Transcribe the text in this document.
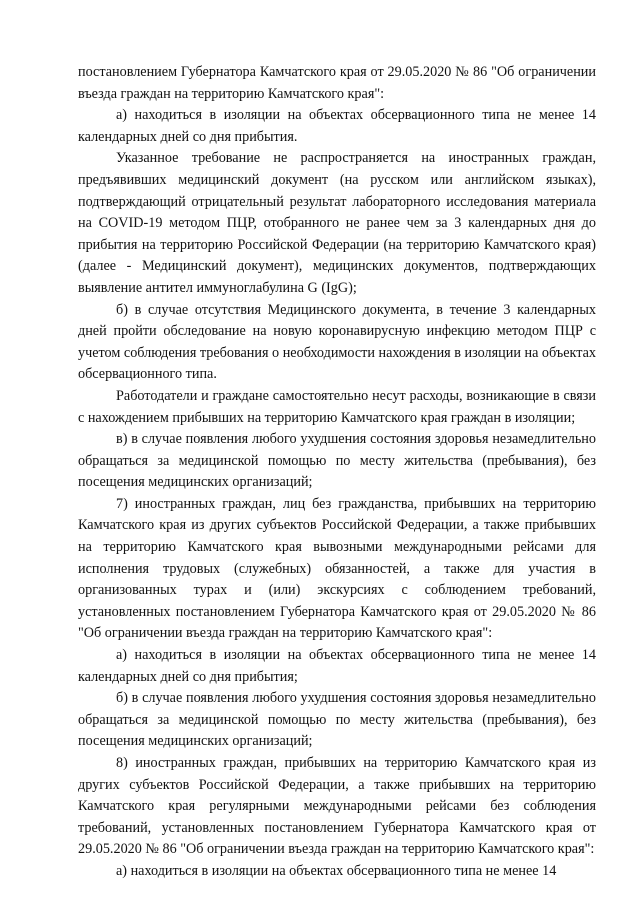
постановлением Губернатора Камчатского края от 29.05.2020 № 86 "Об ограничении въезда граждан на территорию Камчатского края":

а) находиться в изоляции на объектах обсервационного типа не менее 14 календарных дней со дня прибытия.

Указанное требование не распространяется на иностранных граждан, предъявивших медицинский документ (на русском или английском языках), подтверждающий отрицательный результат лабораторного исследования материала на COVID-19 методом ПЦР, отобранного не ранее чем за 3 календарных дня до прибытия на территорию Российской Федерации (на территорию Камчатского края) (далее - Медицинский документ), медицинских документов, подтверждающих выявление антител иммуноглабулина G (IgG);

б) в случае отсутствия Медицинского документа, в течение 3 календарных дней пройти обследование на новую коронавирусную инфекцию методом ПЦР с учетом соблюдения требования о необходимости нахождения в изоляции на объектах обсервационного типа.

Работодатели и граждане самостоятельно несут расходы, возникающие в связи с нахождением прибывших на территорию Камчатского края граждан в изоляции;

в) в случае появления любого ухудшения состояния здоровья незамедлительно обращаться за медицинской помощью по месту жительства (пребывания), без посещения медицинских организаций;

7) иностранных граждан, лиц без гражданства, прибывших на территорию Камчатского края из других субъектов Российской Федерации, а также прибывших на территорию Камчатского края вывозными международными рейсами для исполнения трудовых (служебных) обязанностей, а также для участия в организованных турах и (или) экскурсиях с соблюдением требований, установленных постановлением Губернатора Камчатского края от 29.05.2020 № 86 "Об ограничении въезда граждан на территорию Камчатского края":

а) находиться в изоляции на объектах обсервационного типа не менее 14 календарных дней со дня прибытия;

б) в случае появления любого ухудшения состояния здоровья незамедлительно обращаться за медицинской помощью по месту жительства (пребывания), без посещения медицинских организаций;

8) иностранных граждан, прибывших на территорию Камчатского края из других субъектов Российской Федерации, а также прибывших на территорию Камчатского края регулярными международными рейсами без соблюдения требований, установленных постановлением Губернатора Камчатского края от 29.05.2020 № 86 "Об ограничении въезда граждан на территорию Камчатского края":

а) находиться в изоляции на объектах обсервационного типа не менее 14
